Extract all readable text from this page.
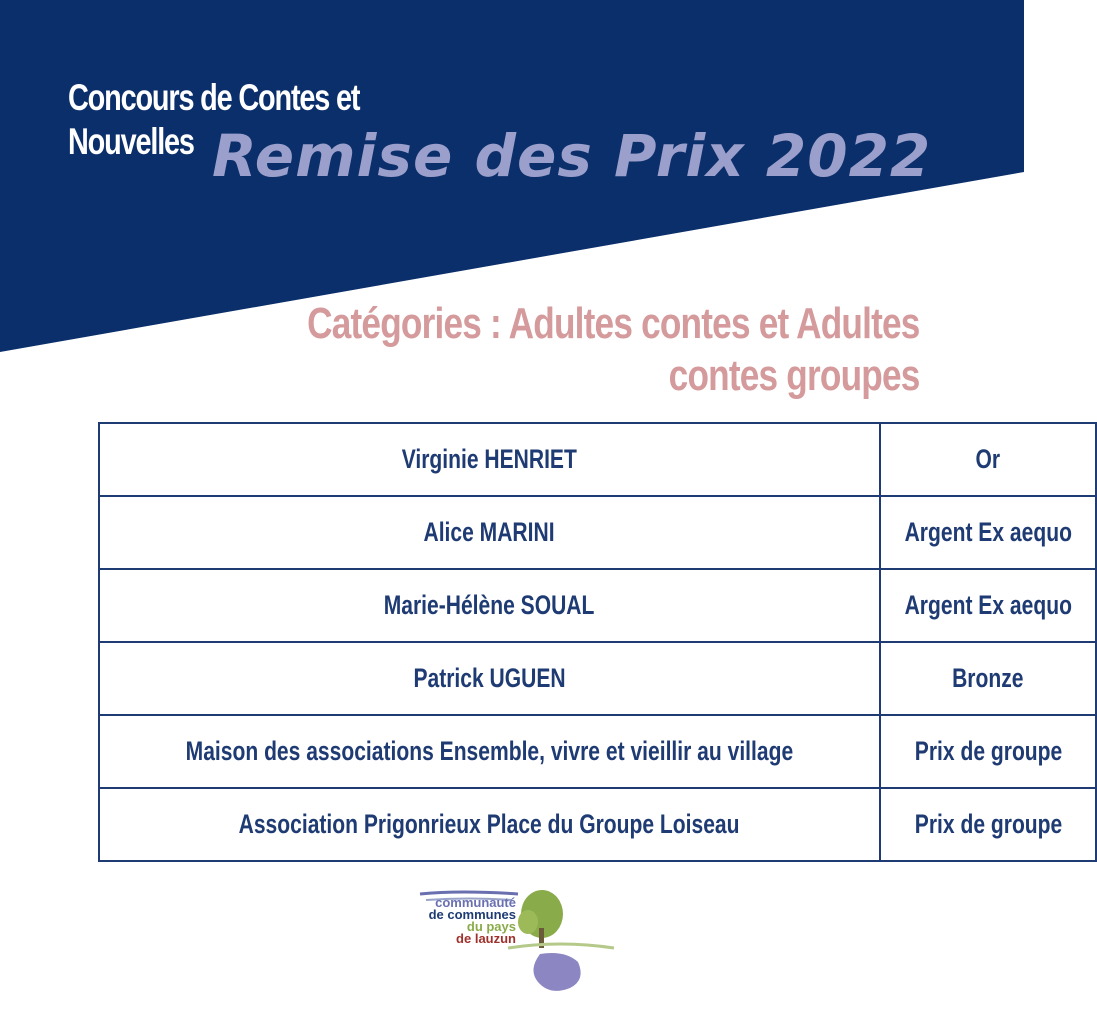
Concours de Contes et
Nouvelles Remise des Prix 2022
Catégories : Adultes contes et Adultes
contes groupes
Virginie HENRIET	Or
Alice MARINI	Argent Ex aequo
Marie-Hélène SOUAL	Argent Ex aequo
Patrick UGUEN	Bronze
Maison des associations Ensemble, vivre et vieillir au village	Prix de groupe
Association Prigonrieux Place du Groupe Loiseau	Prix de groupe
communauté
de communes
du pays
de lauzun
